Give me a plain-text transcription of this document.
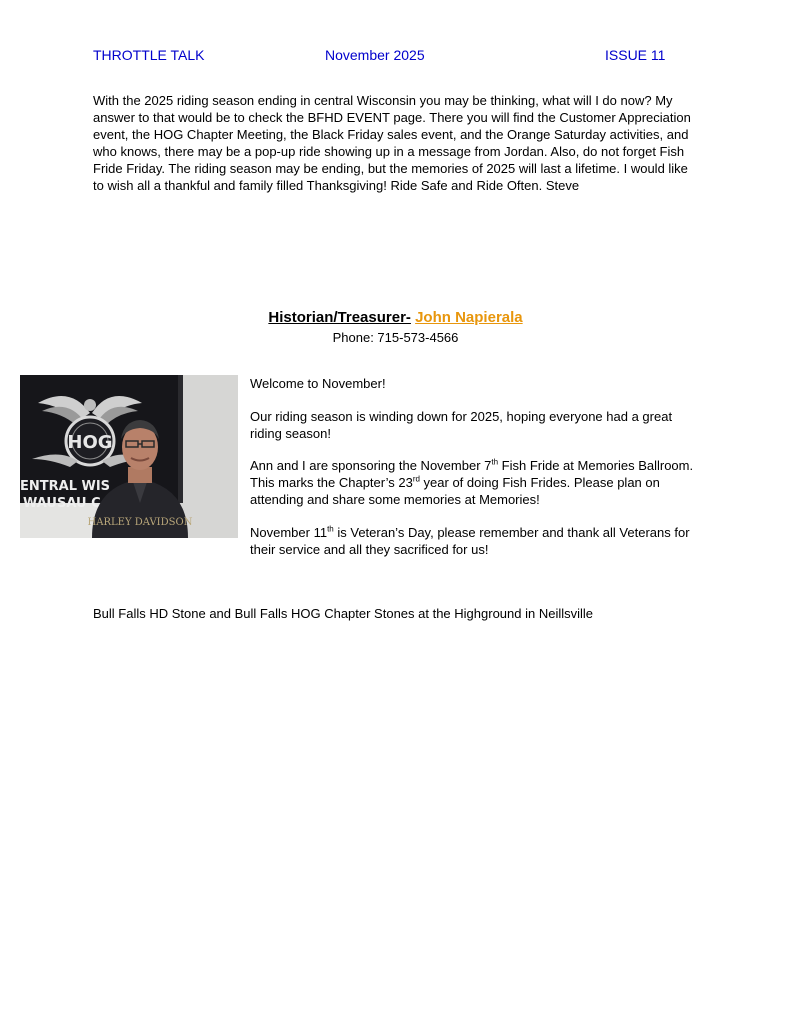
THROTTLE TALK	November 2025	ISSUE 11

With the 2025 riding season ending in central Wisconsin you may be thinking, what will I do now? My answer to that would be to check the BFHD EVENT page. There you will find the Customer Appreciation event, the HOG Chapter Meeting, the Black Friday sales event, and the Orange Saturday activities, and who knows, there may be a pop-up ride showing up in a message from Jordan. Also, do not forget Fish Fride Friday. The riding season may be ending, but the memories of 2025 will last a lifetime. I would like to wish all a thankful and family filled Thanksgiving! Ride Safe and Ride Often. Steve

Historian/Treasurer- John Napierala
Phone: 715-573-4566
HOG
ENTRAL WIS
WAUSAU C
HARLEY DAVIDSON

Welcome to November!

Our riding season is winding down for 2025, hoping everyone had a great riding season!

Ann and I are sponsoring the November 7th Fish Fride at Memories Ballroom. This marks the Chapter’s 23rd year of doing Fish Frides. Please plan on attending and share some memories at Memories!

November 11th is Veteran’s Day, please remember and thank all Veterans for their service and all they sacrificed for us!

Bull Falls HD Stone and Bull Falls HOG Chapter Stones at the Highground in Neillsville
